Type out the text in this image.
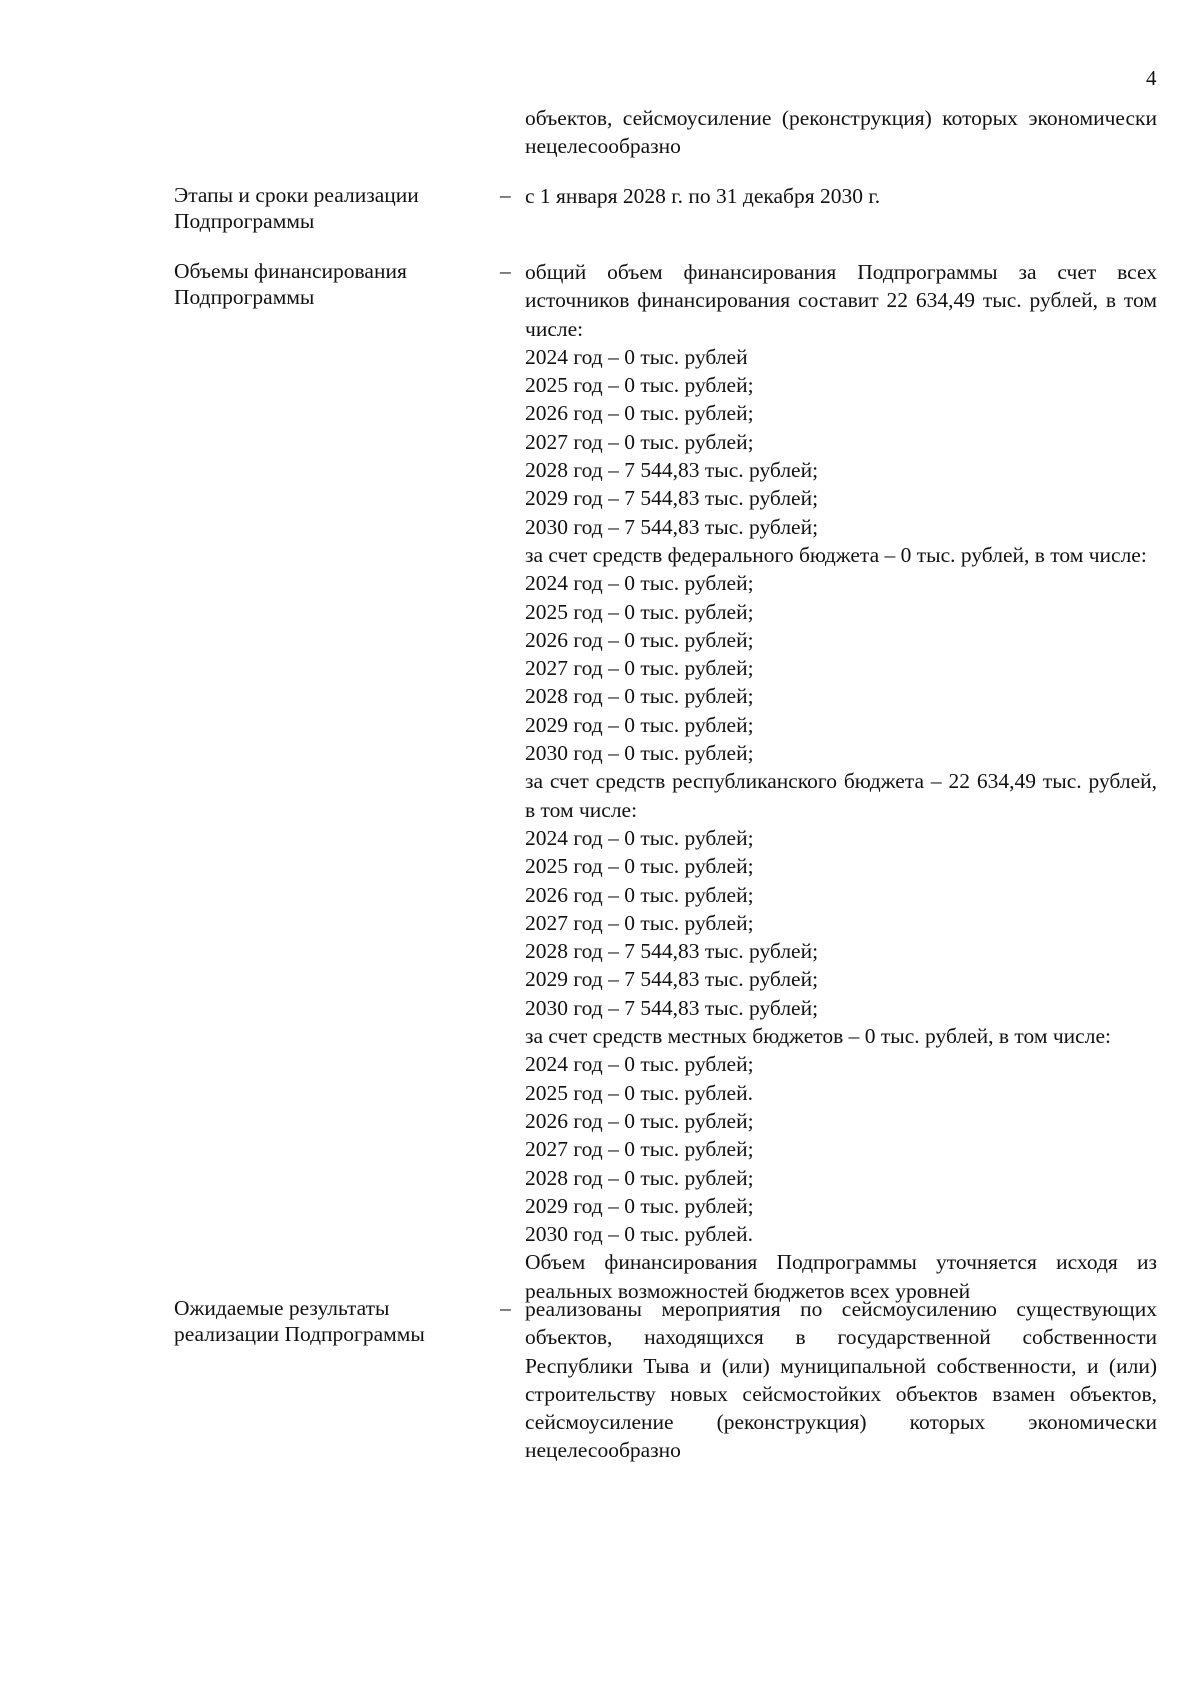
4
объектов, сейсмоусиление (реконструкция) которых экономически нецелесообразно
Этапы и сроки реализации Подпрограммы
– с 1 января 2028 г. по 31 декабря 2030 г.
Объемы финансирования Подпрограммы
– общий объем финансирования Подпрограммы за счет всех источников финансирования составит 22 634,49 тыс. рублей, в том числе:
2024 год – 0 тыс. рублей
2025 год – 0 тыс. рублей;
2026 год – 0 тыс. рублей;
2027 год – 0 тыс. рублей;
2028 год – 7 544,83 тыс. рублей;
2029 год – 7 544,83 тыс. рублей;
2030 год – 7 544,83 тыс. рублей;
за счет средств федерального бюджета – 0 тыс. рублей, в том числе:
2024 год – 0 тыс. рублей;
2025 год – 0 тыс. рублей;
2026 год – 0 тыс. рублей;
2027 год – 0 тыс. рублей;
2028 год – 0 тыс. рублей;
2029 год – 0 тыс. рублей;
2030 год – 0 тыс. рублей;
за счет средств республиканского бюджета – 22 634,49 тыс. рублей, в том числе:
2024 год – 0 тыс. рублей;
2025 год – 0 тыс. рублей;
2026 год – 0 тыс. рублей;
2027 год – 0 тыс. рублей;
2028 год – 7 544,83 тыс. рублей;
2029 год – 7 544,83 тыс. рублей;
2030 год – 7 544,83 тыс. рублей;
за счет средств местных бюджетов – 0 тыс. рублей, в том числе:
2024 год – 0 тыс. рублей;
2025 год – 0 тыс. рублей.
2026 год – 0 тыс. рублей;
2027 год – 0 тыс. рублей;
2028 год – 0 тыс. рублей;
2029 год – 0 тыс. рублей;
2030 год – 0 тыс. рублей.
Объем финансирования Подпрограммы уточняется исходя из реальных возможностей бюджетов всех уровней
Ожидаемые результаты реализации Подпрограммы
– реализованы мероприятия по сейсмоусилению существующих объектов, находящихся в государственной собственности Республики Тыва и (или) муниципальной собственности, и (или) строительству новых сейсмостойких объектов взамен объектов, сейсмоусиление (реконструкция) которых экономически нецелесообразно
